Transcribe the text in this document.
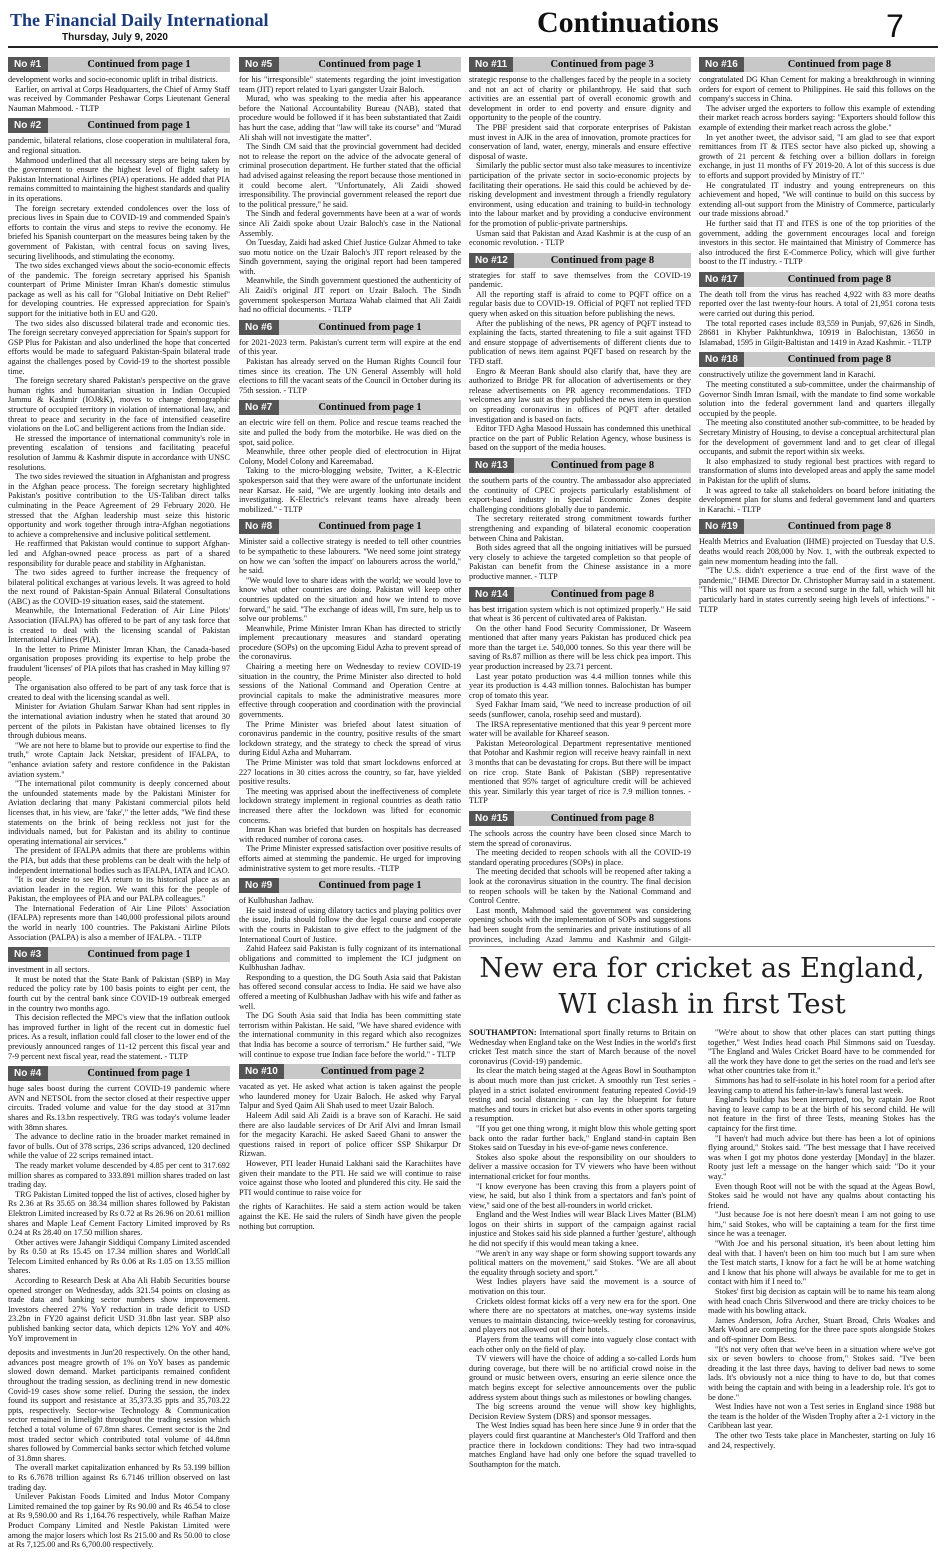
The Financial Daily International
Thursday, July 9, 2020	Continuations	7
No #1	Continued from page 1

development works and socio-economic uplift in tribal districts.

Earlier, on arrival at Corps Headquarters, the Chief of Army Staff was received by Commander Peshawar Corps Lieutenant General Nauman Mahmood. - TLTP

No #2	Continued from page 1

pandemic, bilateral relations, close cooperation in multilateral fora, and regional situation.

Mahmood underlined that all necessary steps are being taken by the government to ensure the highest level of flight safety in Pakistan International Airlines (PIA) operations. He added that PIA remains committed to maintaining the highest standards and quality in its operations.

The foreign secretary extended condolences over the loss of precious lives in Spain due to COVID-19 and commended Spain's efforts to contain the virus and steps to revive the economy. He briefed his Spanish counterpart on the measures being taken by the government of Pakistan, with central focus on saving lives, securing livelihoods, and stimulating the economy.

The two sides exchanged views about the socio-economic effects of the pandemic. The foreign secretary apprised his Spanish counterpart of Prime Minister Imran Khan's domestic stimulus package as well as his call for "Global Initiative on Debt Relief" for developing countries. He expressed appreciation for Spain's support for the initiative both in EU and G20.

The two sides also discussed bilateral trade and economic ties. The foreign secretary conveyed appreciation for Spain's support for GSP Plus for Pakistan and also underlined the hope that concerted efforts would be made to safeguard Pakistan-Spain bilateral trade against the challenges posed by Covid-19 to the shortest possible time.

The foreign secretary shared Pakistan's perspective on the grave human rights and humanitarian situation in Indian Occupied Jammu & Kashmir (IOJ&K), moves to change demographic structure of occupied territory in violation of international law, and threat to peace and security in the face of intensified ceasefire violations on the LoC and belligerent actions from the Indian side.

He stressed the importance of international community's role in preventing escalation of tensions and facilitating peaceful resolution of Jammu & Kashmir dispute in accordance with UNSC resolutions.

The two sides reviewed the situation in Afghanistan and progress in the Afghan peace process. The foreign secretary highlighted Pakistan's positive contribution to the US-Taliban direct talks culminating in the Peace Agreement of 29 February 2020. He stressed that the Afghan leadership must seize this historic opportunity and work together through intra-Afghan negotiations to achieve a comprehensive and inclusive political settlement.

He reaffirmed that Pakistan would continue to support Afghan-led and Afghan-owned peace process as part of a shared responsibility for durable peace and stability in Afghanistan.

The two sides agreed to further increase the frequency of bilateral political exchanges at various levels. It was agreed to hold the next round of Pakistan-Spain Annual Bilateral Consultations (ABC) as the COVID-19 situation eases, said the statement.

Meanwhile, the International Federation of Air Line Pilots' Association (IFALPA) has offered to be part of any task force that is created to deal with the licensing scandal of Pakistan International Airlines (PIA).

In the letter to Prime Minister Imran Khan, the Canada-based organisation proposes providing its expertise to help probe the fraudulent 'licenses' of PIA pilots that has crashed in May killing 97 people.

The organisation also offered to be part of any task force that is created to deal with the licensing scandal as well.

Minister for Aviation Ghulam Sarwar Khan had sent ripples in the international aviation industry when he stated that around 30 percent of the pilots in Pakistan have obtained licenses to fly through dubious means.

"We are not here to blame but to provide our expertise to find the truth," wrote Captain Jack Netskar, president of IFALPA, to "enhance aviation safety and restore confidence in the Pakistan aviation system."

"The international pilot community is deeply concerned about the unfounded statements made by the Pakistani Minister for Aviation declaring that many Pakistani commercial pilots held licenses that, in his view, are 'fake'," the letter adds, "We find these statements on the brink of being reckless not just for the individuals named, but for Pakistan and its ability to continue operating international air services."

The president of IFALPA admits that there are problems within the PIA, but adds that these problems can be dealt with the help of independent international bodies such as IFALPA, IATA and ICAO.

"It is our desire to see PIA return to its historical place as an aviation leader in the region. We want this for the people of Pakistan, the employees of PIA and our PALPA colleagues."

The International Federation of Air Line Pilots' Association (IFALPA) represents more than 140,000 professional pilots around the world in nearly 100 countries. The Pakistani Airline Pilots Association (PALPA) is also a member of IFALPA. - TLTP

No #3	Continued from page 1

investment in all sectors.

It must be noted that the State Bank of Pakistan (SBP) in May reduced the policy rate by 100 basis points to eight per cent, the fourth cut by the central bank since COVID-19 outbreak emerged in the country two months ago.

This decision reflected the MPC's view that the inflation outlook has improved further in light of the recent cut in domestic fuel prices. As a result, inflation could fall closer to the lower end of the previously announced ranges of 11-12 percent this fiscal year and 7-9 percent next fiscal year, read the statement. - TLTP

No #4	Continued from page 1

huge sales boost during the current COVID-19 pandemic where AVN and NETSOL from the sector closed at their respective upper circuits. Traded volume and value for the day stood at 317mn shares and Rs.13.bn respectively. TRG was today's volume leader with 38mn shares.

The advance to decline ratio in the broader market remained in favor of bulls. Out of 378 scrips, 236 scrips advanced, 120 declined while the value of 22 scrips remained intact.

The ready market volume descended by 4.85 per cent to 317.692 million shares as compared to 333.891 million shares traded on last trading day.

TRG Pakistan Limited topped the list of actives, closed higher by Rs 2.36 at Rs 35.65 on 38.34 million shares followed by Pakistan Elektron Limited increased by Rs 0.72 at Rs 26.96 on 20.61 million shares and Maple Leaf Cement Factory Limited improved by Rs 0.24 at Rs 28.40 on 17.50 million shares.

Other actives were Jahangir Siddiqui Company Limited ascended by Rs 0.50 at Rs 15.45 on 17.34 million shares and WorldCall Telecom Limited enhanced by Rs 0.06 at Rs 1.05 on 13.55 million shares.

According to Research Desk at Aba Ali Habib Securities bourse opened stronger on Wednesday, adds 321.54 points on closing as trade data and banking sector numbers show improvement. Investors cheered 27% YoY reduction in trade deficit to USD 23.2bn in FY20 against deficit USD 31.8bn last year. SBP also published banking sector data, which depicts 12% YoY and 40% YoY improvement in

deposits and investments in Jun'20 respectively. On the other hand, advances post meagre growth of 1% on YoY bases as pandemic slowed down demand. Market participants remained confident throughout the trading session, as declining trend in new domestic Covid-19 cases show some relief. During the session, the index found its support and resistance at 35,373.35 ppts and 35,703.22 ppts, respectively. Sector-wise Technology & Communication sector remained in limelight throughout the trading session which fetched a total volume of 67.8mn shares. Cement sector is the 2nd most traded sector which contributed total volume of 44.8mn shares followed by Commercial banks sector which fetched volume of 31.8mn shares.

The overall market capitalization enhanced by Rs 53.199 billion to Rs 6.7678 trillion against Rs 6.7146 trillion observed on last trading day.

Unilever Pakistan Foods Limited and Indus Motor Company Limited remained the top gainer by Rs 90.00 and Rs 46.54 to close at Rs 9,590.00 and Rs 1,164.76 respectively, while Rafhan Maize Product Company Limited and Nestle Pakistan Limited were among the major losers which lost Rs 215.00 and Rs 50.00 to close at Rs 7,125.00 and Rs 6,700.00 respectively.

No #5	Continued from page 1

for his "irresponsible" statements regarding the joint investigation team (JIT) report related to Lyari gangster Uzair Baloch.

Murad, who was speaking to the media after his appearance before the National Accountability Bureau (NAB), stated that procedure would be followed if it has been substantiated that Zaidi has hurt the case, adding that "law will take its course" and "Murad Ali shah will not investigate the matter".

The Sindh CM said that the provincial government had decided not to release the report on the advice of the advocate general of criminal prosecution department. He further stated that the official had advised against releasing the report because those mentioned in it could become alert. "Unfortunately, Ali Zaidi showed irresponsibility. The provincial government released the report due to the political pressure," he said.

The Sindh and federal governments have been at a war of words since Ali Zaidi spoke about Uzair Baloch's case in the National Assembly.

On Tuesday, Zaidi had asked Chief Justice Gulzar Ahmed to take suo motu notice on the Uzair Baloch's JIT report released by the Sindh government, saying the original report had been tampered with.

Meanwhile, the Sindh government questioned the authenticity of Ali Zaidi's original JIT report on Uzair Baloch. The Sindh government spokesperson Murtaza Wahab claimed that Ali Zaidi had no official documents. - TLTP

No #6	Continued from page 1

for 2021-2023 term. Pakistan's current term will expire at the end of this year.

Pakistan has already served on the Human Rights Council four times since its creation. The UN General Assembly will hold elections to fill the vacant seats of the Council in October during its 75th session. - TLTP

No #7	Continued from page 1

an electric wire fell on them. Police and rescue teams reached the site and pulled the body from the motorbike. He was died on the spot, said police.

Meanwhile, three other people died of electrocution in Hijrat Colony, Model Colony and Kareemabad.

Taking to the micro-blogging website, Twitter, a K-Electric spokesperson said that they were aware of the unfortunate incident near Karsaz. He said, "We are urgently looking into details and investigating. K-Electric's relevant teams have already been mobilized." - TLTP

No #8	Continued from page 1

Minister said a collective strategy is needed to tell other countries to be sympathetic to these labourers. "We need some joint strategy on how we can 'soften the impact' on labourers across the world," he said.

"We would love to share ideas with the world; we would love to know what other countries are doing. Pakistan will keep other countries updated on the situation and how we intend to move forward," he said. "The exchange of ideas will, I'm sure, help us to solve our problems."

Meanwhile, Prime Minister Imran Khan has directed to strictly implement precautionary measures and standard operating procedure (SOPs) on the upcoming Eidul Azha to prevent spread of the coronavirus.

Chairing a meeting here on Wednesday to review COVID-19 situation in the country, the Prime Minister also directed to hold sessions of the National Command and Operation Centre at provincial capitals to make the administrative measures more effective through cooperation and coordination with the provincial governments.

The Prime Minister was briefed about latest situation of coronavirus pandemic in the country, positive results of the smart lockdown strategy, and the strategy to check the spread of virus during Eidul Azha and Muharram.

The Prime Minister was told that smart lockdowns enforced at 227 locations in 30 cities across the country, so far, have yielded positive results.

The meeting was apprised about the ineffectiveness of complete lockdown strategy implement in regional countries as death ratio increased there after the lockdown was lifted for economic concerns.

Imran Khan was briefed that burden on hospitals has decreased with reduced number of corona cases.

The Prime Minister expressed satisfaction over positive results of efforts aimed at stemming the pandemic. He urged for improving administrative system to get more results. -TLTP

No #9	Continued from page 1

of Kulbhushan Jadhav.

He said instead of using dilatory tactics and playing politics over the issue, India should follow the due legal course and cooperate with the courts in Pakistan to give effect to the judgment of the International Court of Justice.

Zahid Hafeez said Pakistan is fully cognizant of its international obligations and committed to implement the ICJ judgment on Kulbhushan Jadhav.

Responding to a question, the DG South Asia said that Pakistan has offered second consular access to India. He said we have also offered a meeting of Kulbhushan Jadhav with his wife and father as well.

The DG South Asia said that India has been committing state terrorism within Pakistan. He said, "We have shared evidence with the international community in this regard which also recognizes that India has become a source of terrorism." He further said, "We will continue to expose true Indian face before the world." - TLTP

No #10	Continued from page 2

vacated as yet. He asked what action is taken against the people who laundered money for Uzair Baloch. He asked why Faryal Talpur and Syed Qaim Ali Shah used to meet Uzair Baloch.

Haleem Adil said Ali Zaidi is a brave son of Karachi. He said there are also laudable services of Dr Arif Alvi and Imran Ismail for the megacity Karachi. He asked Saeed Ghani to answer the questions raised in report of police officer SSP Shikarpur Dr Rizwan.

However, PTI leader Hunaid Lakhani said the Karachiites have given their mandate to the PTI. He said we will continue to raise voice against those who looted and plundered this city. He said the PTI would continue to raise voice for

the rights of Karachiites. He said a stern action would be taken against the KE. He said the rulers of Sindh have given the people nothing but corruption.

No #11	Continued from page 3

strategic response to the challenges faced by the people in a society and not an act of charity or philanthropy. He said that such activities are an essential part of overall economic growth and development in order to end poverty and ensure dignity and opportunity to the people of the country.

The PBF president said that corporate enterprises of Pakistan must invest in AJK in the area of innovation, promote practices for conservation of land, water, energy, minerals and ensure effective disposal of waste.

Similarly the public sector must also take measures to incentivize participation of the private sector in socio-economic projects by facilitating their operations. He said this could be achieved by de-risking development and investment through a friendly regulatory environment, using education and training to build-in technology into the labour market and by providing a conducive environment for the promotion of public-private partnerships.

Usman said that Pakistan and Azad Kashmir is at the cusp of an economic revolution. - TLTP

No #12	Continued from page 8

strategies for staff to save themselves from the COVID-19 pandemic.

All the reporting staff is afraid to come to PQFT office on a regular basis due to COVID-19. Official of PQFT not replied TFD query when asked on this situation before publishing the news.

After the publishing of the news, PR agency of PQFT instead to explaining the facts, started threatening to file a suit against TFD and ensure stoppage of advertisements of different clients due to publication of news item against PQFT based on research by the TFD staff.

Engro & Meeran Bank should also clarify that, have they are authorized to Bridge PR for allocation of advertisements or they release advertisements on PR agency recommendations. TFD welcomes any law suit as they published the news item in question on spreading coronavirus in offices of PQFT after detailed investigation and is based on facts.

Editor TFD Agha Masood Hussain has condemned this unethical practice on the part of Public Relation Agency, whose business is based on the support of the media houses.

No #13	Continued from page 8

the southern parts of the country. The ambassador also appreciated the continuity of CPEC projects particularly establishment of export-based industry in Special Economic Zones despite challenging conditions globally due to pandemic.

The secretary reiterated strong commitment towards further strengthening and expanding of bilateral economic cooperation between China and Pakistan.

Both sides agreed that all the ongoing initiatives will be pursued very closely to achieve the targeted completion so that people of Pakistan can benefit from the Chinese assistance in a more productive manner. - TLTP

No #14	Continued from page 8

has best irrigation system which is not optimized properly." He said that wheat is 36 percent of cultivated area of Pakistan.

On the other hand Food Security Commissioner, Dr Waseem mentioned that after many years Pakistan has produced chick pea more than the target i.e. 540,000 tonnes. So this year there will be saving of Rs.87 million as there will be less chick pea import. This year production increased by 23.71 percent.

Last year potato production was 4.4 million tonnes while this year its production is 4.43 million tonnes. Balochistan has bumper crop of tomato this year.

Syed Fakhar Imam said, "We need to increase production of oil seeds (sunflower, canola, rosehip seed and mustard).

The IRSA representative mentioned that this year 9 percent more water will be available for Khareef season.

Pakistan Meteorological Department representative mentioned that Potohar and Kashmir region will receive heavy rainfall in next 3 months that can be devastating for crops. But there will be impact on rice crop. State Bank of Pakistan (SBP) representative mentioned that 95% target of agriculture credit will be achieved this year. Similarly this year target of rice is 7.9 million tonnes. - TLTP

No #15	Continued from page 8

The schools across the country have been closed since March to stem the spread of coronavirus.

The meeting decided to reopen schools with all the COVID-19 standard operating procedures (SOPs) in place.

The meeting decided that schools will be reopened after taking a look at the coronavirus situation in the country. The final decision to reopen schools will be taken by the National Command and Control Centre.

Last month, Mahmood said the government was considering opening schools with the implementation of SOPs and suggestions had been sought from the seminaries and private institutions of all provinces, including Azad Jammu and Kashmir and Gilgit-

No #16	Continued from page 8

congratulated DG Khan Cement for making a breakthrough in winning orders for export of cement to Philippines. He said this follows on the company's success in China.

The adviser urged the exporters to follow this example of extending their market reach across borders saying: "Exporters should follow this example of extending their market reach across the globe."

In yet another tweet, the advisor said, "I am glad to see that export remittances from IT & ITES sector have also picked up, showing a growth of 21 percent & fetching over a billion dollars in foreign exchange, in just 11 months of FY 2019-20. A lot of this success is due to efforts and support provided by Ministry of IT."

He congratulated IT industry and young entrepreneurs on this achievement and hoped, "We will continue to build on this success by extending all-out support from the Ministry of Commerce, particularly our trade missions abroad."

He further said that IT and ITES is one of the top priorities of the government, adding the government encourages local and foreign investors in this sector. He maintained that Ministry of Commerce has also introduced the first E-Commerce Policy, which will give further boost to the IT industry. - TLTP

No #17	Continued from page 8

The death toll from the virus has reached 4,922 with 83 more deaths reported over the last twenty-four hours. A total of 21,951 corona tests were carried out during this period.

The total reported cases include 83,559 in Punjab, 97,626 in Sindh, 28681 in Khyber Pakhtunkhwa, 10919 in Balochistan, 13650 in Islamabad, 1595 in Gilgit-Baltistan and 1419 in Azad Kashmir. - TLTP

No #18	Continued from page 8

constructively utilize the government land in Karachi.

The meeting constituted a sub-committee, under the chairmanship of Governor Sindh Imran Ismail, with the mandate to find some workable solution into the federal government land and quarters illegally occupied by the people.

The meeting also constituted another sub-committee, to be headed by Secretary Ministry of Housing, to devise a conceptual architectural plan for the development of government land and to get clear of illegal occupants, and submit the report within six weeks.

It also emphasized to study regional best practices with regard to transformation of slums into developed areas and apply the same model in Pakistan for the uplift of slums.

It was agreed to take all stakeholders on board before initiating the development plan for slums and federal government land and quarters in Karachi. - TLTP

No #19	Continued from page 8

Health Metrics and Evaluation (IHME) projected on Tuesday that U.S. deaths would reach 208,000 by Nov. 1, with the outbreak expected to gain new momentum heading into the fall.

"The U.S. didn't experience a true end of the first wave of the pandemic," IHME Director Dr. Christopher Murray said in a statement. "This will not spare us from a second surge in the fall, which will hit particularly hard in states currently seeing high levels of infections." - TLTP

New era for cricket as England,
WI clash in first Test

SOUTHAMPTON: International sport finally returns to Britain on Wednesday when England take on the West Indies in the world's first cricket Test match since the start of March because of the novel coronavirus (Covid-19) pandemic.

Its clear the match being staged at the Ageas Bowl in Southampton is about much more than just cricket. A smoothly run Test series - played in a strict isolated environment featuring repeated Covid-19 testing and social distancing - can lay the blueprint for future matches and tours in cricket but also events in other sports targeting a resumption.

"If you get one thing wrong, it might blow this whole getting sport back onto the radar further back," England stand-in captain Ben Stokes said on Tuesday in his eve-of-game news conference.

Stokes also spoke about the responsibility on our shoulders to deliver a massive occasion for TV viewers who have been without international cricket for four months.

"I know everyone has been craving this from a players point of view, he said, but also I think from a spectators and fan's point of view," said one of the best all-rounders in world cricket.

England and the West Indies will wear Black Lives Matter (BLM) logos on their shirts in support of the campaign against racial injustice and Stokes said his side planned a further 'gesture', although he did not specify if this would mean taking a knee.

"We aren't in any way shape or form showing support towards any political matters on the movement," said Stokes. "We are all about the equality through society and sport."

West Indies players have said the movement is a source of motivation on this tour.

Crickets oldest format kicks off a very new era for the sport. One where there are no spectators at matches, one-way systems inside venues to maintain distancing, twice-weekly testing for coronavirus, and players not allowed out of their hotels.

Players from the teams will come into vaguely close contact with each other only on the field of play.

TV viewers will have the choice of adding a so-called Lords hum during coverage, but there will be no artificial crowd noise in the ground or music between overs, ensuring an eerie silence once the match begins except for selective announcements over the public address system about things such as milestones or bowling changes.

The big screens around the venue will show key highlights, Decision Review System (DRS) and sponsor messages.

The West Indies squad has been here since June 9 in order that the players could first quarantine at Manchester's Old Trafford and then practice there in lockdown conditions: They had two intra-squad matches England have had only one before the squad travelled to Southampton for the match.

"We're about to show that other places can start putting things together," West Indies head coach Phil Simmons said on Tuesday. "The England and Wales Cricket Board have to be commended for all the work they have done to get the series on the road and let's see what other countries take from it."

Simmons has had to self-isolate in his hotel room for a period after leaving camp to attend his father-in-law's funeral last week.

England's buildup has been interrupted, too, by captain Joe Root having to leave camp to be at the birth of his second child. He will not feature in the first of three Tests, meaning Stokes has the captaincy for the first time.

"I haven't had much advice but there has been a lot of opinions flying around," Stokes said. "The best message that I have received was when I got my photos done yesterday [Monday] in the blazer. Rooty just left a message on the hanger which said: "Do it your way."

Even though Root will not be with the squad at the Ageas Bowl, Stokes said he would not have any qualms about contacting his friend.

"Just because Joe is not here doesn't mean I am not going to use him," said Stokes, who will be captaining a team for the first time since he was a teenager.

"With Joe and his personal situation, it's been about letting him deal with that. I haven't been on him too much but I am sure when the Test match starts, I know for a fact he will be at home watching and I know that his phone will always be available for me to get in contact with him if I need to."

Stokes' first big decision as captain will be to name his team along with head coach Chris Silverwood and there are tricky choices to be made with his bowling attack.

James Anderson, Jofra Archer, Stuart Broad, Chris Woakes and Mark Wood are competing for the three pace spots alongside Stokes and off-spinner Dom Bess.

"It's not very often that we've been in a situation where we've got six or seven bowlers to choose from," Stokes said. "I've been dreading it the last three days, having to deliver bad news to some lads. It's obviously not a nice thing to have to do, but that comes with being the captain and with being in a leadership role. It's got to be done."

West Indies have not won a Test series in England since 1988 but the team is the holder of the Wisden Trophy after a 2-1 victory in the Caribbean last year.

The other two Tests take place in Manchester, starting on July 16 and 24, respectively.
